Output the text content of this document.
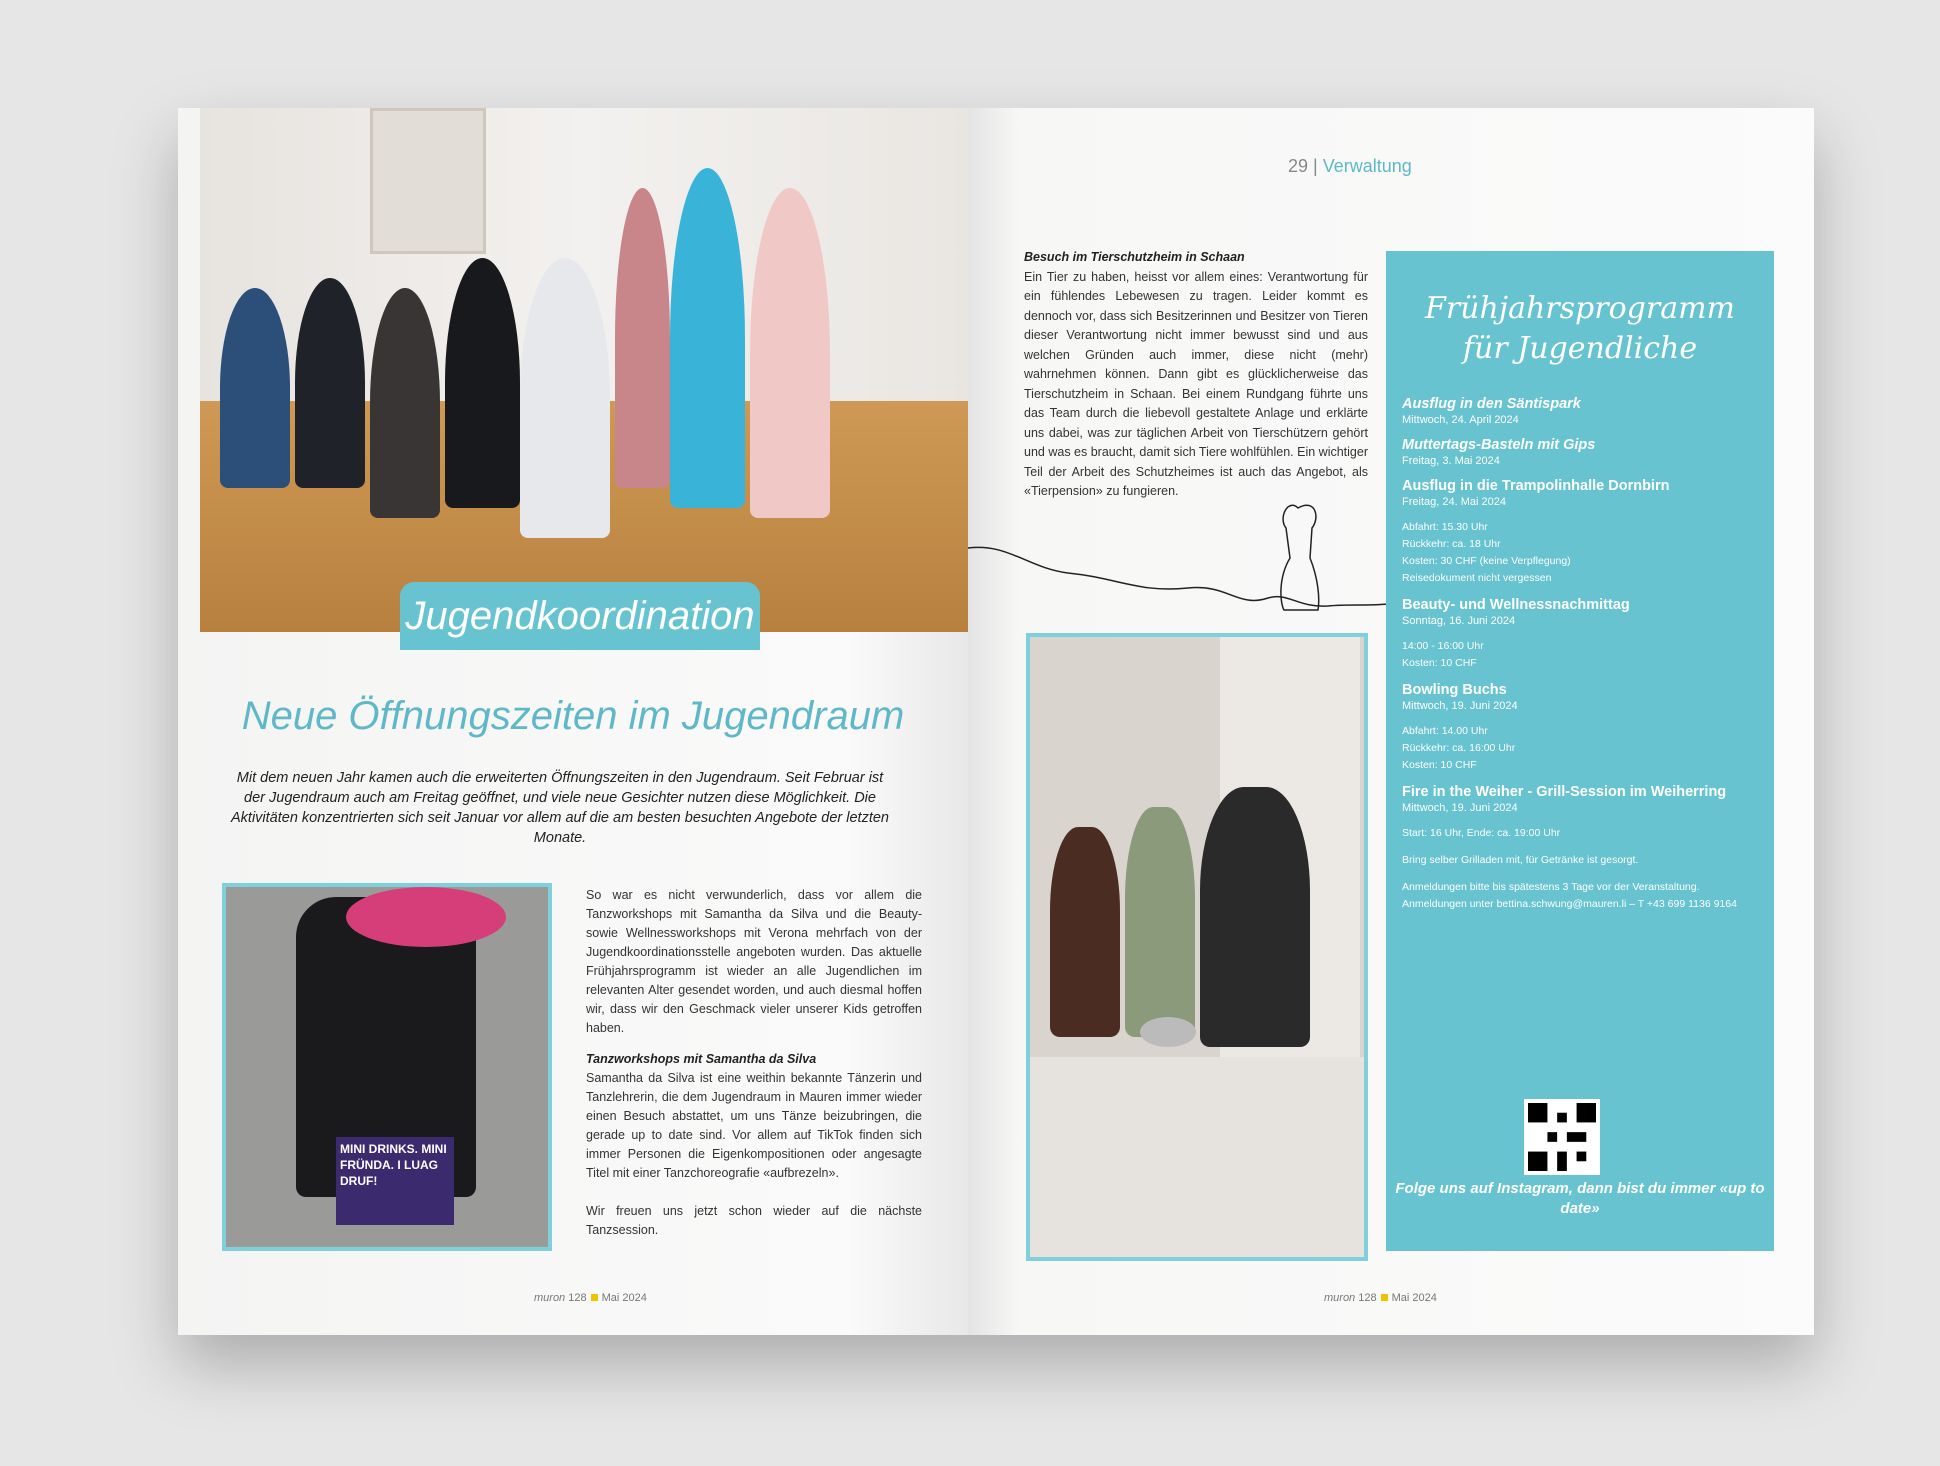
Jugendkoordination
Neue Öffnungszeiten im Jugendraum
Mit dem neuen Jahr kamen auch die erweiterten Öffnungszeiten in den Jugendraum. Seit Februar ist der Jugendraum auch am Freitag geöffnet, und viele neue Gesichter nutzen diese Möglichkeit. Die Aktivitäten konzentrierten sich seit Januar vor allem auf die am besten besuchten Angebote der letzten Monate.
MINI DRINKS. MINI FRÜNDA. I LUAG DRUF!
So war es nicht verwunderlich, dass vor allem die Tanzworkshops mit Samantha da Silva und die Beauty- sowie Wellnessworkshops mit Verona mehrfach von der Jugendkoordinationsstelle angeboten wurden. Das aktuelle Frühjahrsprogramm ist wieder an alle Jugendlichen im relevanten Alter gesendet worden, und auch diesmal hoffen wir, dass wir den Geschmack vieler unserer Kids getroffen haben.
Tanzworkshops mit Samantha da Silva
Samantha da Silva ist eine weithin bekannte Tänzerin und Tanzlehrerin, die dem Jugendraum in Mauren immer wieder einen Besuch abstattet, um uns Tänze beizubringen, die gerade up to date sind. Vor allem auf TikTok finden sich immer Personen die Eigenkompositionen oder angesagte Titel mit einer Tanzchoreografie «aufbrezeln».

Wir freuen uns jetzt schon wieder auf die nächste Tanzsession.
muron 128 Mai 2024
29 | Verwaltung
Besuch im Tierschutzheim in Schaan
Ein Tier zu haben, heisst vor allem eines: Verantwortung für ein fühlendes Lebewesen zu tragen. Leider kommt es dennoch vor, dass sich Besitzerinnen und Besitzer von Tieren dieser Verantwortung nicht immer bewusst sind und aus welchen Gründen auch immer, diese nicht (mehr) wahrnehmen können. Dann gibt es glücklicherweise das Tierschutzheim in Schaan. Bei einem Rundgang führte uns das Team durch die liebevoll gestaltete Anlage und erklärte uns dabei, was zur täglichen Arbeit von Tierschützern gehört und was es braucht, damit sich Tiere wohlfühlen. Ein wichtiger Teil der Arbeit des Schutzheimes ist auch das Angebot, als «Tierpension» zu fungieren.
Frühjahrsprogramm
für Jugendliche
Ausflug in den Säntispark
Mittwoch, 24. April 2024
Muttertags-Basteln mit Gips
Freitag, 3. Mai 2024
Ausflug in die Trampolinhalle Dornbirn
Freitag, 24. Mai 2024
Abfahrt: 15.30 Uhr
Rückkehr: ca. 18 Uhr
Kosten: 30 CHF (keine Verpflegung)
Reisedokument nicht vergessen
Beauty- und Wellnessnachmittag
Sonntag, 16. Juni 2024
14:00 - 16:00 Uhr
Kosten: 10 CHF
Bowling Buchs
Mittwoch, 19. Juni 2024
Abfahrt: 14.00 Uhr
Rückkehr: ca. 16:00 Uhr
Kosten: 10 CHF
Fire in the Weiher - Grill-Session im Weiherring
Mittwoch, 19. Juni 2024
Start: 16 Uhr, Ende: ca. 19:00 Uhr
Bring selber Grilladen mit, für Getränke ist gesorgt.
Anmeldungen bitte bis spätestens 3 Tage vor der Veranstaltung. Anmeldungen unter bettina.schwung@mauren.li – T +43 699 1136 9164
Folge uns auf Instagram, dann bist du immer «up to date»
muron 128 Mai 2024
